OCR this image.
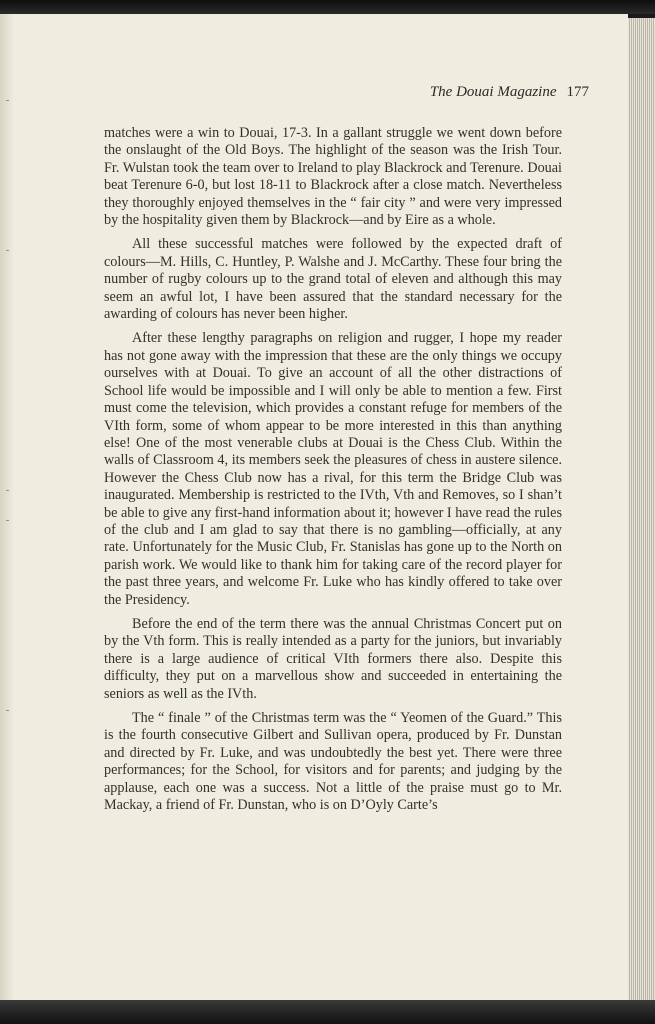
The Douai Magazine 177

matches were a win to Douai, 17-3. In a gallant struggle we went down before the onslaught of the Old Boys. The highlight of the season was the Irish Tour. Fr. Wulstan took the team over to Ireland to play Blackrock and Terenure. Douai beat Terenure 6-0, but lost 18-11 to Blackrock after a close match. Nevertheless they thoroughly enjoyed themselves in the “ fair city ” and were very impressed by the hospitality given them by Blackrock—and by Eire as a whole.

All these successful matches were followed by the expected draft of colours—M. Hills, C. Huntley, P. Walshe and J. McCarthy. These four bring the number of rugby colours up to the grand total of eleven and although this may seem an awful lot, I have been assured that the standard necessary for the awarding of colours has never been higher.

After these lengthy paragraphs on religion and rugger, I hope my reader has not gone away with the impression that these are the only things we occupy ourselves with at Douai. To give an account of all the other distractions of School life would be impossible and I will only be able to mention a few. First must come the television, which provides a constant refuge for members of the VIth form, some of whom appear to be more interested in this than anything else! One of the most venerable clubs at Douai is the Chess Club. Within the walls of Classroom 4, its members seek the pleasures of chess in austere silence. However the Chess Club now has a rival, for this term the Bridge Club was inaugurated. Membership is restricted to the IVth, Vth and Removes, so I shan’t be able to give any first-hand information about it; however I have read the rules of the club and I am glad to say that there is no gambling—officially, at any rate. Unfortunately for the Music Club, Fr. Stanislas has gone up to the North on parish work. We would like to thank him for taking care of the record player for the past three years, and welcome Fr. Luke who has kindly offered to take over the Presidency.

Before the end of the term there was the annual Christmas Concert put on by the Vth form. This is really intended as a party for the juniors, but invariably there is a large audience of critical VIth formers there also. Despite this difficulty, they put on a marvellous show and succeeded in entertaining the seniors as well as the IVth.

The “ finale ” of the Christmas term was the “ Yeomen of the Guard.” This is the fourth consecutive Gilbert and Sullivan opera, produced by Fr. Dunstan and directed by Fr. Luke, and was undoubtedly the best yet. There were three performances; for the School, for visitors and for parents; and judging by the applause, each one was a success. Not a little of the praise must go to Mr. Mackay, a friend of Fr. Dunstan, who is on D’Oyly Carte’s
